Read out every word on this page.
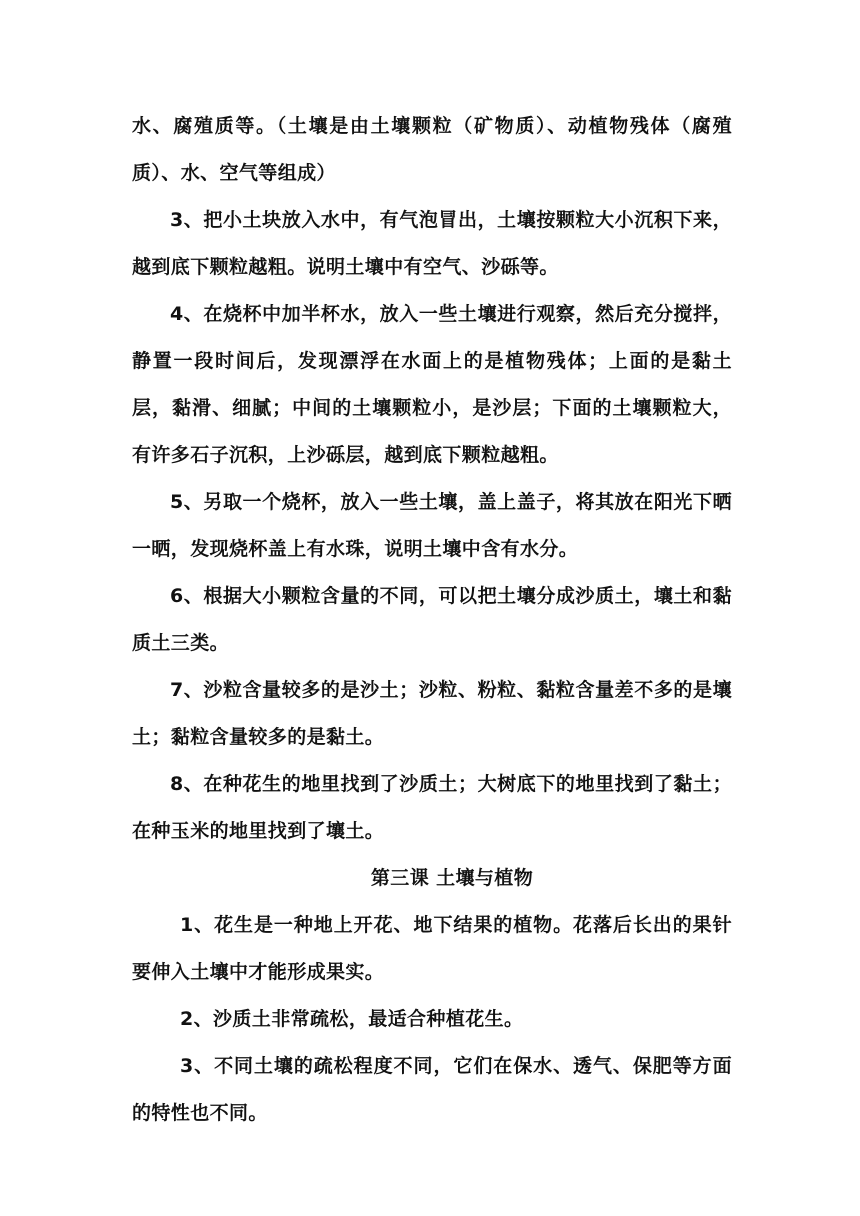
水、腐殖质等。（土壤是由土壤颗粒（矿物质）、动植物残体（腐殖质）、水、空气等组成）

3、把小土块放入水中，有气泡冒出，土壤按颗粒大小沉积下来，越到底下颗粒越粗。说明土壤中有空气、沙砾等。

4、在烧杯中加半杯水，放入一些土壤进行观察，然后充分搅拌，静置一段时间后，发现漂浮在水面上的是植物残体；上面的是黏土层，黏滑、细腻；中间的土壤颗粒小，是沙层；下面的土壤颗粒大，有许多石子沉积，上沙砾层，越到底下颗粒越粗。

5、另取一个烧杯，放入一些土壤，盖上盖子，将其放在阳光下晒一晒，发现烧杯盖上有水珠，说明土壤中含有水分。

6、根据大小颗粒含量的不同，可以把土壤分成沙质土，壤土和黏质土三类。

7、沙粒含量较多的是沙土；沙粒、粉粒、黏粒含量差不多的是壤土；黏粒含量较多的是黏土。

8、在种花生的地里找到了沙质土；大树底下的地里找到了黏土；在种玉米的地里找到了壤土。

第三课 土壤与植物

1、花生是一种地上开花、地下结果的植物。花落后长出的果针要伸入土壤中才能形成果实。

2、沙质土非常疏松，最适合种植花生。

3、不同土壤的疏松程度不同，它们在保水、透气、保肥等方面的特性也不同。
